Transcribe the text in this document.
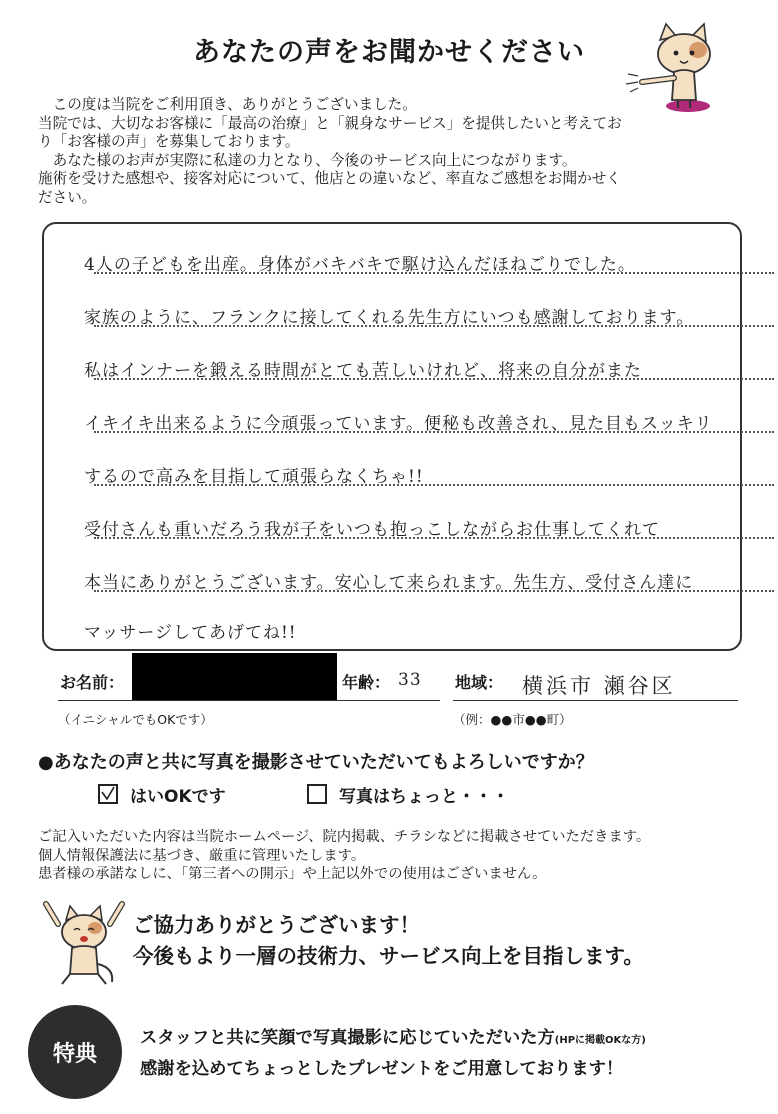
あなたの声をお聞かせください

　この度は当院をご利用頂き、ありがとうございました。

当院では、大切なお客様に「最高の治療」と「親身なサービス」を提供したいと考えてお

り「お客様の声」を募集しております。

　あなた様のお声が実際に私達の力となり、今後のサービス向上につながります。

施術を受けた感想や、接客対応について、他店との違いなど、率直なご感想をお聞かせく

ださい。

4人の子どもを出産。身体がバキバキで駆け込んだほねごりでした。
家族のように、フランクに接してくれる先生方にいつも感謝しております。
私はインナーを鍛える時間がとても苦しいけれど、将来の自分がまた
イキイキ出来るように今頑張っています。便秘も改善され、見た目もスッキリ
するので高みを目指して頑張らなくちゃ!!
受付さんも重いだろう我が子をいつも抱っこしながらお仕事してくれて
本当にありがとうございます。安心して来られます。先生方、受付さん達に
マッサージしてあげてね!!
お名前：	年齢： 33 地域： 横浜市 瀬谷区
（イニシャルでもOKです）	（例：●●市●●町）
●あなたの声と共に写真を撮影させていただいてもよろしいですか？
はいOKです	写真はちょっと・・・

ご記入いただいた内容は当院ホームページ、院内掲載、チラシなどに掲載させていただきます。

個人情報保護法に基づき、厳重に管理いたします。

患者様の承諾なしに、「第三者への開示」や上記以外での使用はございません。

ご協力ありがとうございます！

今後もより一層の技術力、サービス向上を目指します。

特典

スタッフと共に笑顔で写真撮影に応じていただいた方(HPに掲載OKな方)

感謝を込めてちょっとしたプレゼントをご用意しております！
